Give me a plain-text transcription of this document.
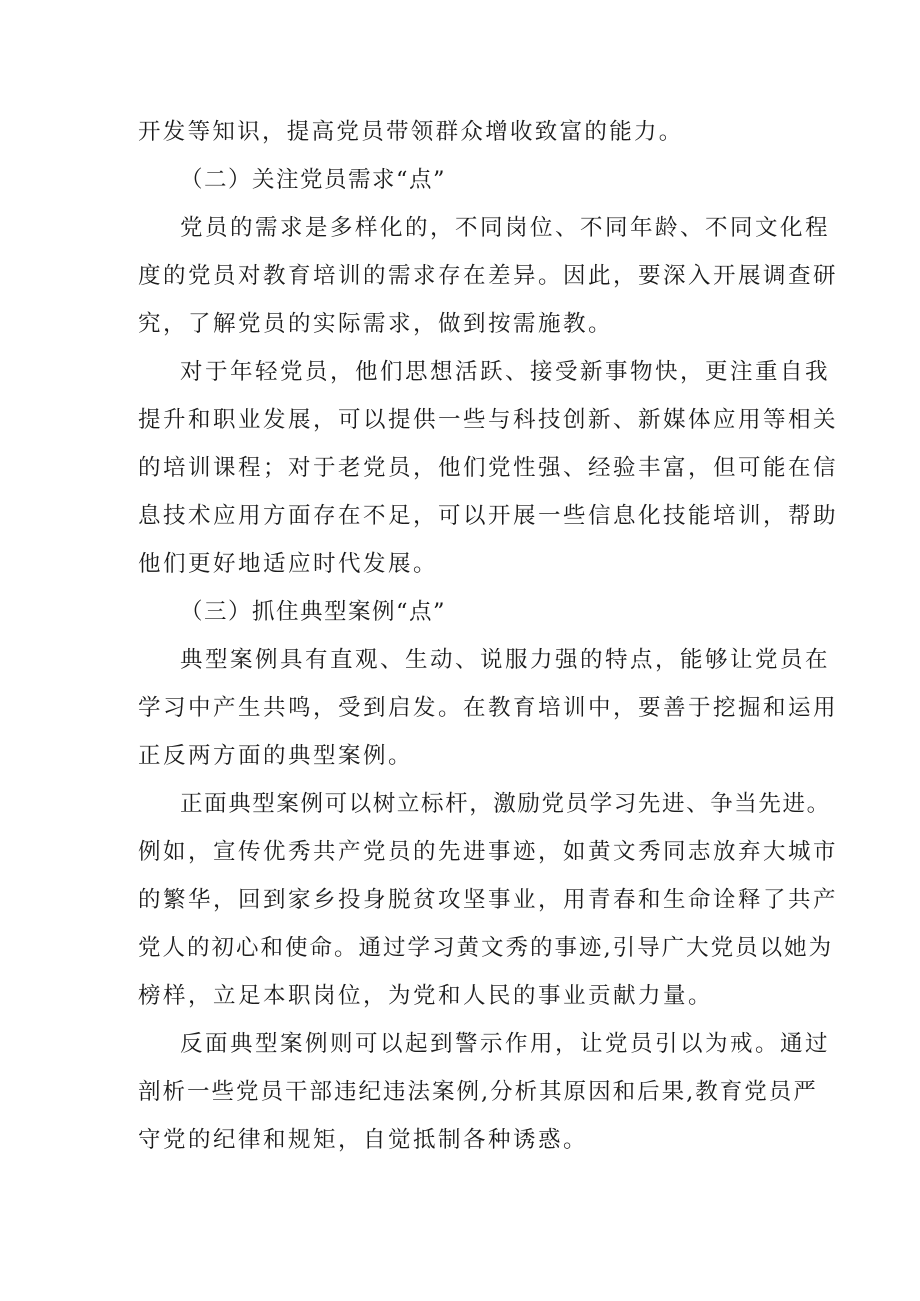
开发等知识，提高党员带领群众增收致富的能力。
（二）关注党员需求“点”
党员的需求是多样化的，不同岗位、不同年龄、不同文化程
度的党员对教育培训的需求存在差异。因此，要深入开展调查研
究，了解党员的实际需求，做到按需施教。
对于年轻党员，他们思想活跃、接受新事物快，更注重自我
提升和职业发展，可以提供一些与科技创新、新媒体应用等相关
的培训课程；对于老党员，他们党性强、经验丰富，但可能在信
息技术应用方面存在不足，可以开展一些信息化技能培训，帮助
他们更好地适应时代发展。
（三）抓住典型案例“点”
典型案例具有直观、生动、说服力强的特点，能够让党员在
学习中产生共鸣，受到启发。在教育培训中，要善于挖掘和运用
正反两方面的典型案例。
正面典型案例可以树立标杆，激励党员学习先进、争当先进。
例如，宣传优秀共产党员的先进事迹，如黄文秀同志放弃大城市
的繁华，回到家乡投身脱贫攻坚事业，用青春和生命诠释了共产
党人的初心和使命。通过学习黄文秀的事迹,引导广大党员以她为
榜样，立足本职岗位，为党和人民的事业贡献力量。
反面典型案例则可以起到警示作用，让党员引以为戒。通过
剖析一些党员干部违纪违法案例,分析其原因和后果,教育党员严
守党的纪律和规矩，自觉抵制各种诱惑。
